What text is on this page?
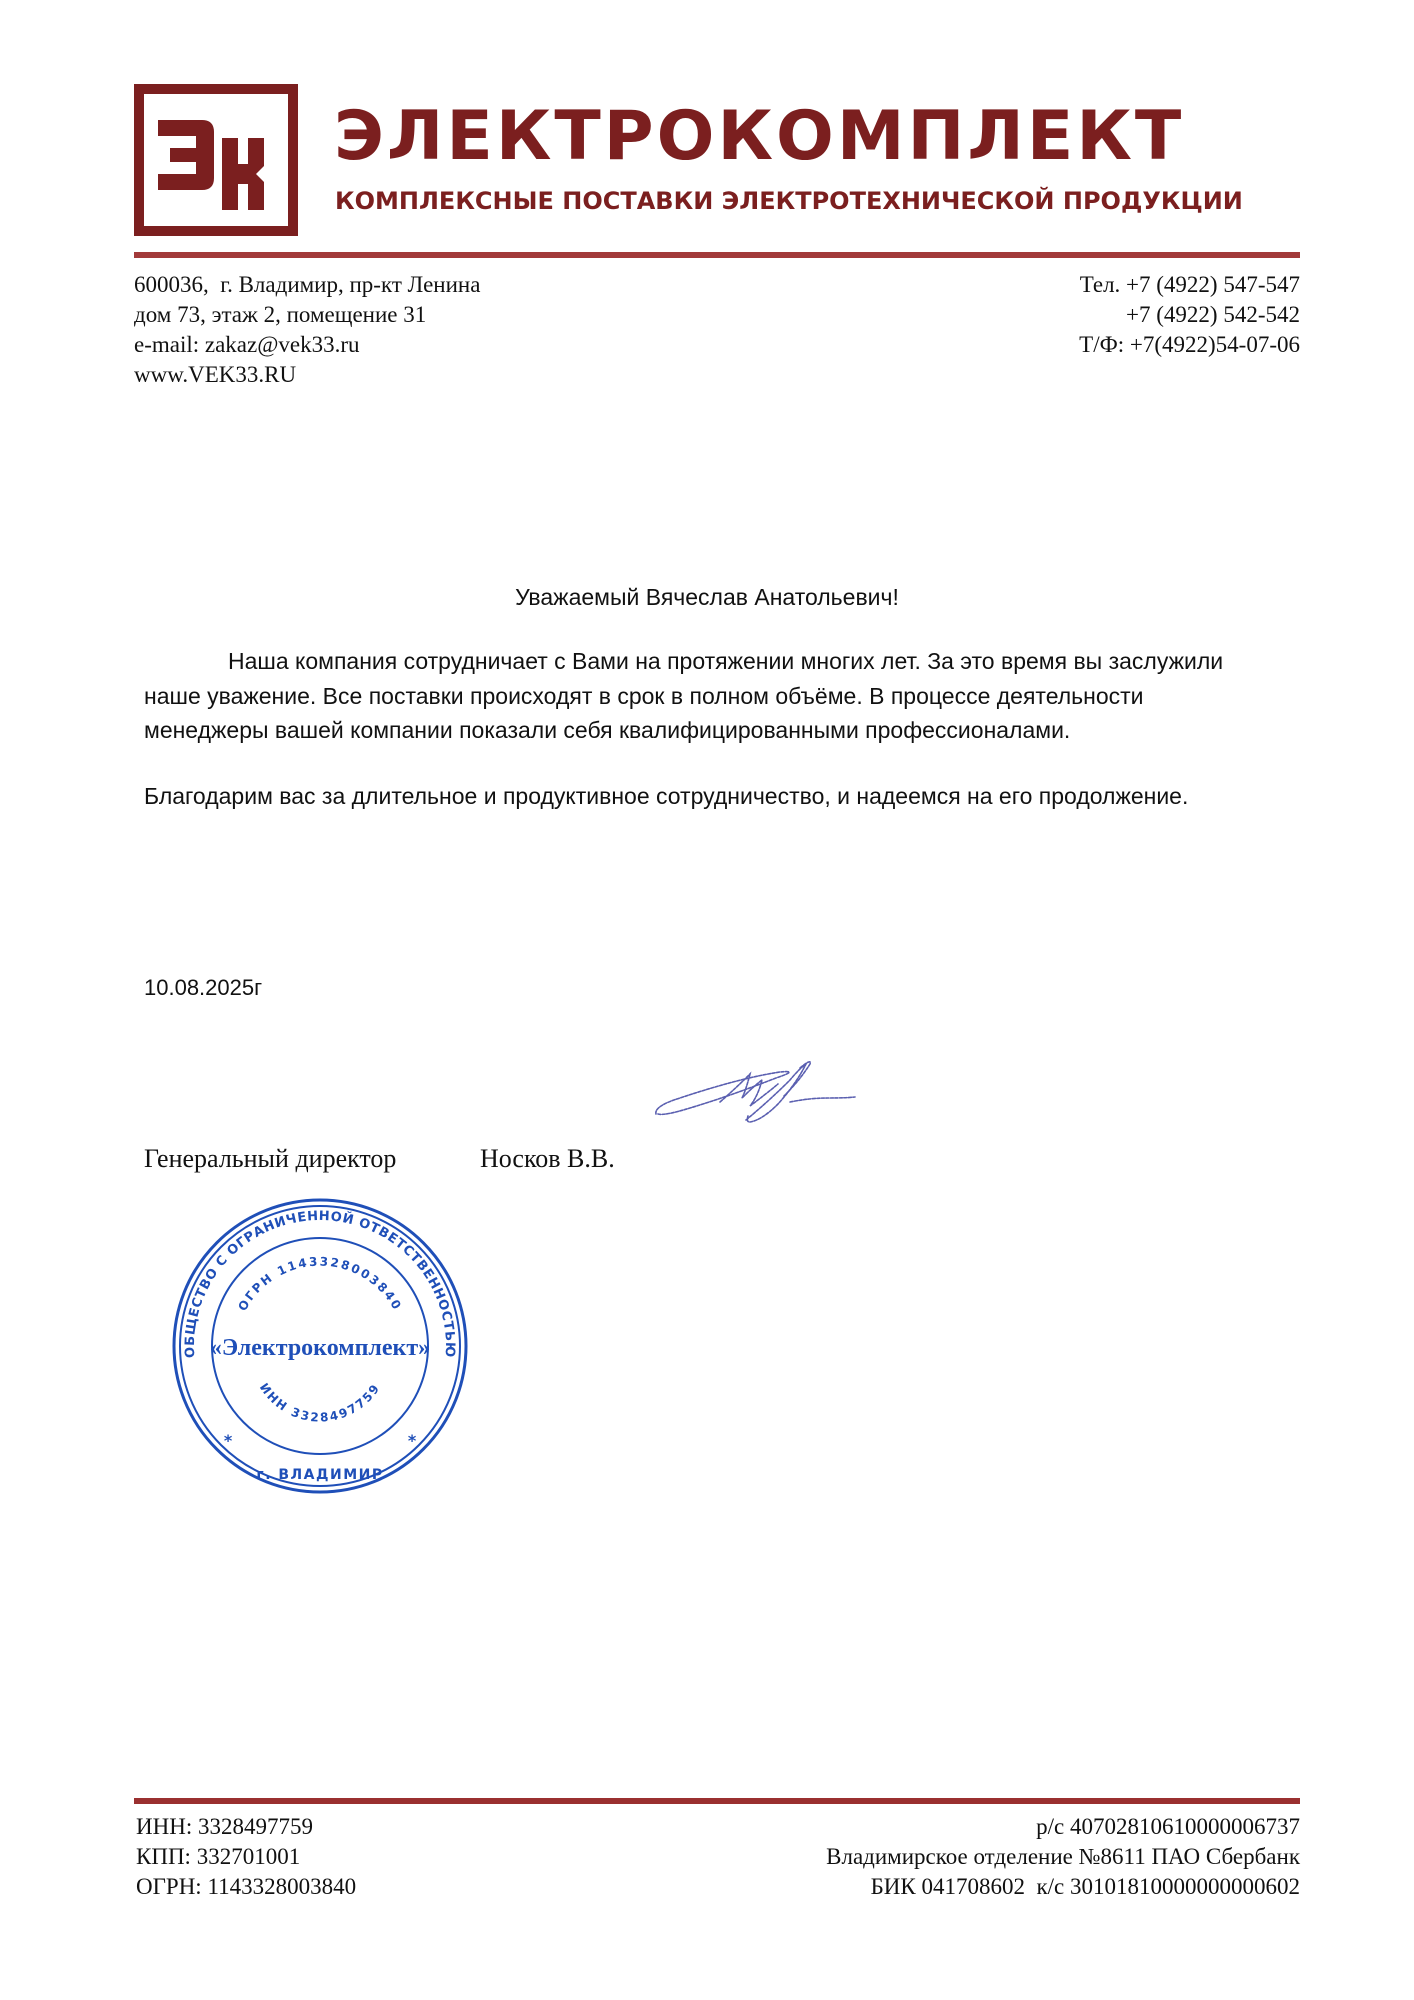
ЭЛЕКТРОКОМПЛЕКТ
КОМПЛЕКСНЫЕ ПОСТАВКИ ЭЛЕКТРОТЕХНИЧЕСКОЙ ПРОДУКЦИИ
600036,  г. Владимир, пр-кт Ленина
дом 73, этаж 2, помещение 31
e-mail: zakaz@vek33.ru
www.VEK33.RU
Тел. +7 (4922) 547-547
+7 (4922) 542-542
Т/Ф: +7(4922)54-07-06
Уважаемый Вячеслав Анатольевич!

Наша компания сотрудничает с Вами на протяжении многих лет. За это время вы заслужили наше уважение. Все поставки происходят в срок в полном объёме. В процессе деятельности менеджеры вашей компании показали себя квалифицированными профессионалами.

Благодарим вас за длительное и продуктивное сотрудничество, и надеемся на его продолжение.

10.08.2025г
Генеральный директор	Носков В.В.
ОБЩЕСТВО С ОГРАНИЧЕННОЙ ОТВЕТСТВЕННОСТЬЮ
ОГРН 1143328003840
ИНН 3328497759
г. ВЛАДИМИР
*	*
«Электрокомплект»
ИНН: 3328497759
КПП: 332701001
ОГРН: 1143328003840
р/с 40702810610000006737
Владимирское отделение №8611 ПАО Сбербанк
БИК 041708602  к/с 30101810000000000602
